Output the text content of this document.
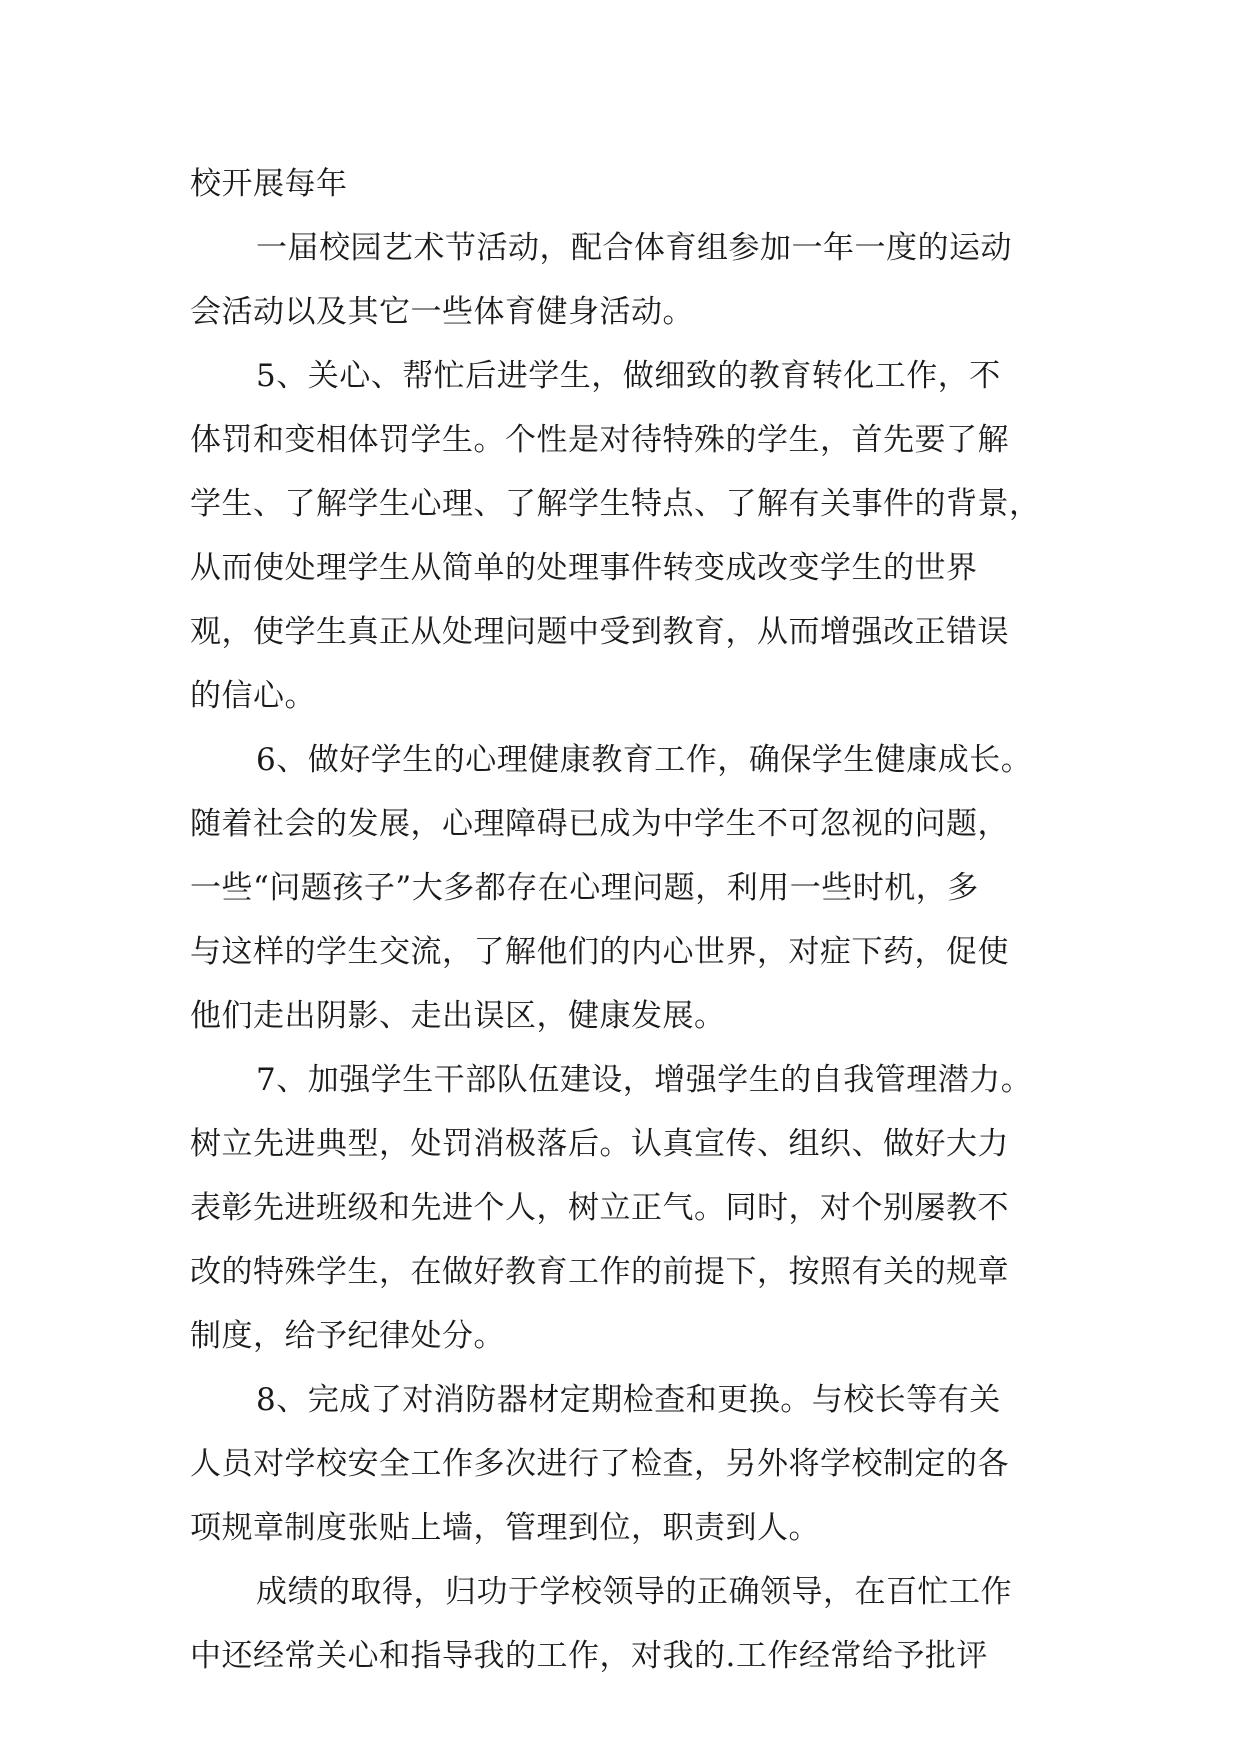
校开展每年
一届校园艺术节活动，配合体育组参加一年一度的运动
会活动以及其它一些体育健身活动。
5、关心、帮忙后进学生，做细致的教育转化工作，不
体罚和变相体罚学生。个性是对待特殊的学生，首先要了解
学生、了解学生心理、了解学生特点、了解有关事件的背景，
从而使处理学生从简单的处理事件转变成改变学生的世界
观，使学生真正从处理问题中受到教育，从而增强改正错误
的信心。
6、做好学生的心理健康教育工作，确保学生健康成长。
随着社会的发展，心理障碍已成为中学生不可忽视的问题，
一些“问题孩子”大多都存在心理问题，利用一些时机，多
与这样的学生交流，了解他们的内心世界，对症下药，促使
他们走出阴影、走出误区，健康发展。
7、加强学生干部队伍建设，增强学生的自我管理潜力。
树立先进典型，处罚消极落后。认真宣传、组织、做好大力
表彰先进班级和先进个人，树立正气。同时，对个别屡教不
改的特殊学生，在做好教育工作的前提下，按照有关的规章
制度，给予纪律处分。
8、完成了对消防器材定期检查和更换。与校长等有关
人员对学校安全工作多次进行了检查，另外将学校制定的各
项规章制度张贴上墙，管理到位，职责到人。
成绩的取得，归功于学校领导的正确领导，在百忙工作
中还经常关心和指导我的工作，对我的.工作经常给予批评
